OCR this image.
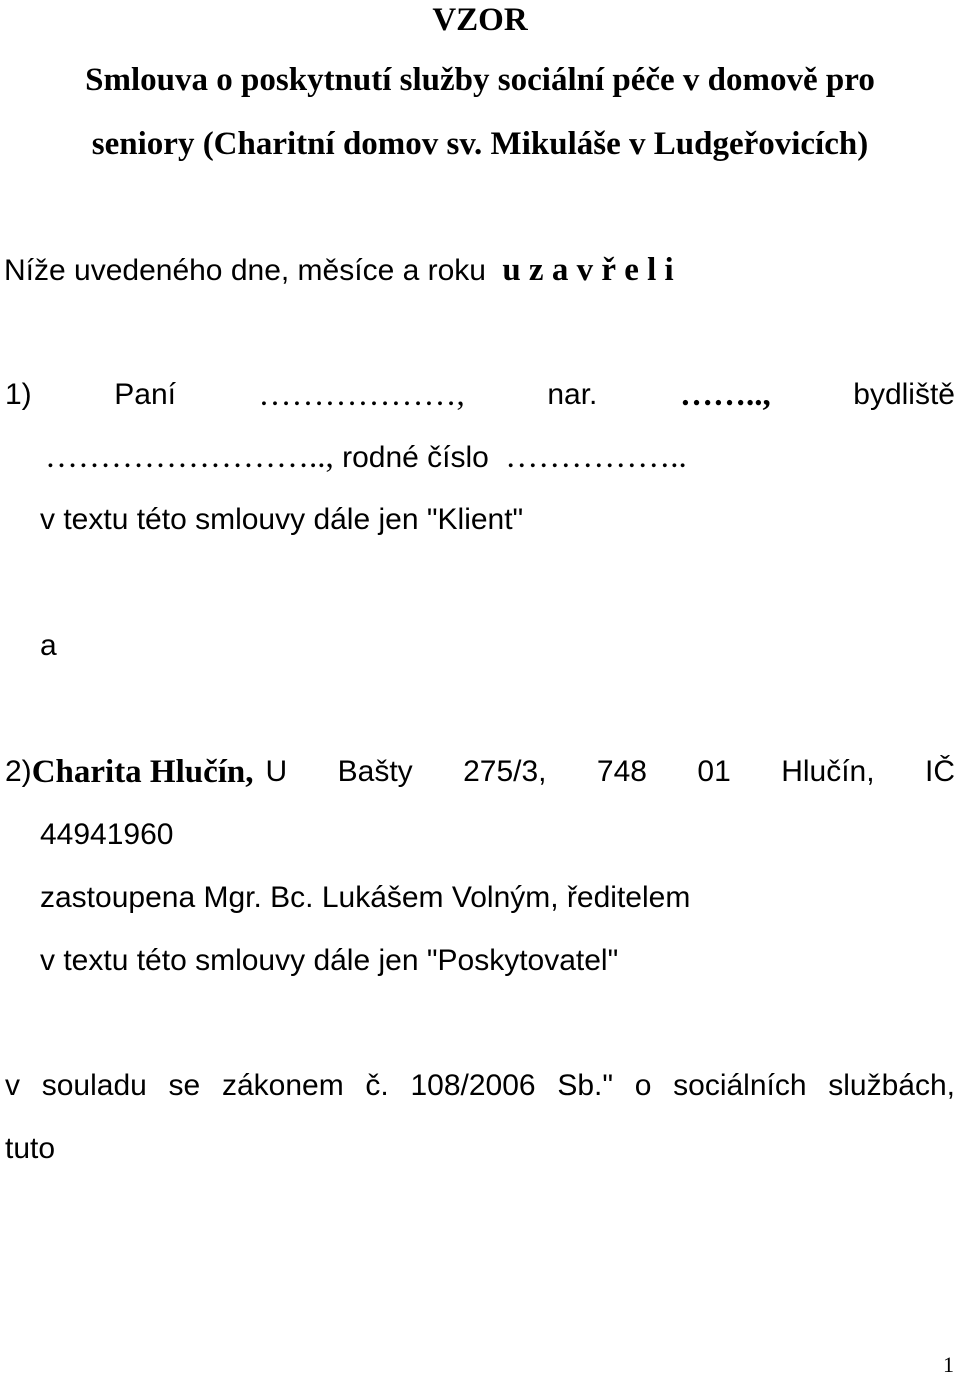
VZOR
Smlouva o poskytnutí služby sociální péče v domově pro
seniory (Charitní domov sv. Mikuláše v Ludgeřovicích)
Níže uvedeného dne, měsíce a roku u z a v ř e l i
1)	Paní	………………,	nar.	……..,	bydliště
…………………….., rodné číslo ……………..
v textu této smlouvy dále jen "Klient"
a
2) Charita Hlučín, U Bašty 275/3, 748 01 Hlučín, IČ
44941960
zastoupena Mgr. Bc. Lukášem Volným, ředitelem
v textu této smlouvy dále jen "Poskytovatel"
v souladu se zákonem č. 108/2006 Sb." o sociálních službách,
tuto
1
